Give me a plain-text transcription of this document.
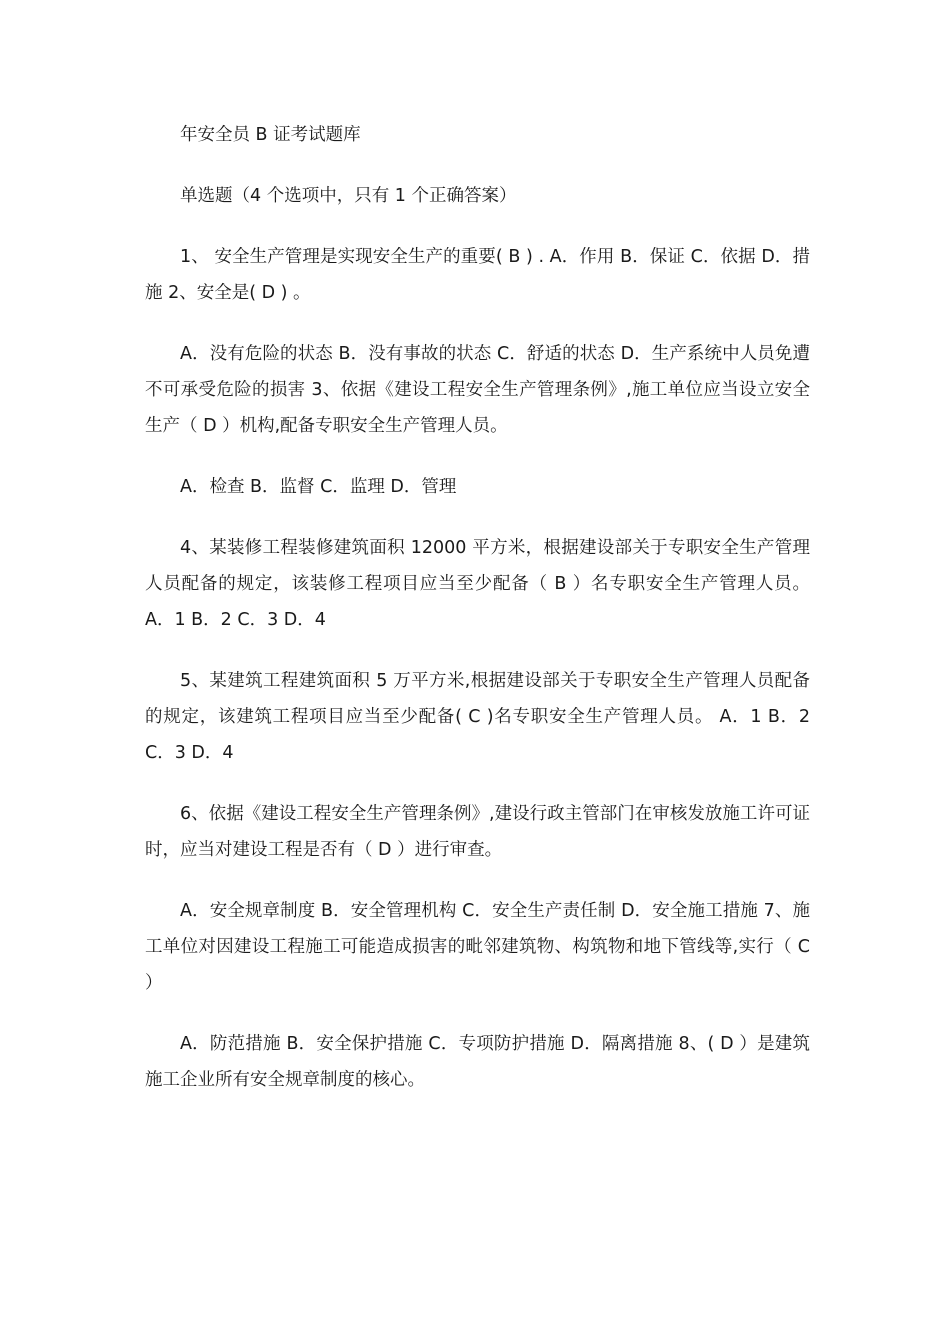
年安全员 B 证考试题库

单选题（4 个选项中，只有 1 个正确答案）

1、 安全生产管理是实现安全生产的重要( B ) . A．作用 B．保证 C．依据 D．措施 2、安全是( D ) 。

A．没有危险的状态 B．没有事故的状态 C．舒适的状态 D．生产系统中人员免遭不可承受危险的损害 3、依据《建设工程安全生产管理条例》,施工单位应当设立安全生产（ D ）机构,配备专职安全生产管理人员。

A．检查 B．监督 C．监理 D．管理

4、某装修工程装修建筑面积 12000 平方米，根据建设部关于专职安全生产管理人员配备的规定，该装修工程项目应当至少配备（ B ）名专职安全生产管理人员。 A．1 B．2 C．3 D．4

5、某建筑工程建筑面积 5 万平方米,根据建设部关于专职安全生产管理人员配备的规定，该建筑工程项目应当至少配备( C )名专职安全生产管理人员。 A．1 B．2 C．3 D．4

6、依据《建设工程安全生产管理条例》,建设行政主管部门在审核发放施工许可证时，应当对建设工程是否有（ D ）进行审查。

A．安全规章制度 B．安全管理机构 C．安全生产责任制 D．安全施工措施 7、施工单位对因建设工程施工可能造成损害的毗邻建筑物、构筑物和地下管线等,实行（ C ）

A．防范措施 B．安全保护措施 C．专项防护措施 D．隔离措施 8、( D ）是建筑施工企业所有安全规章制度的核心。
